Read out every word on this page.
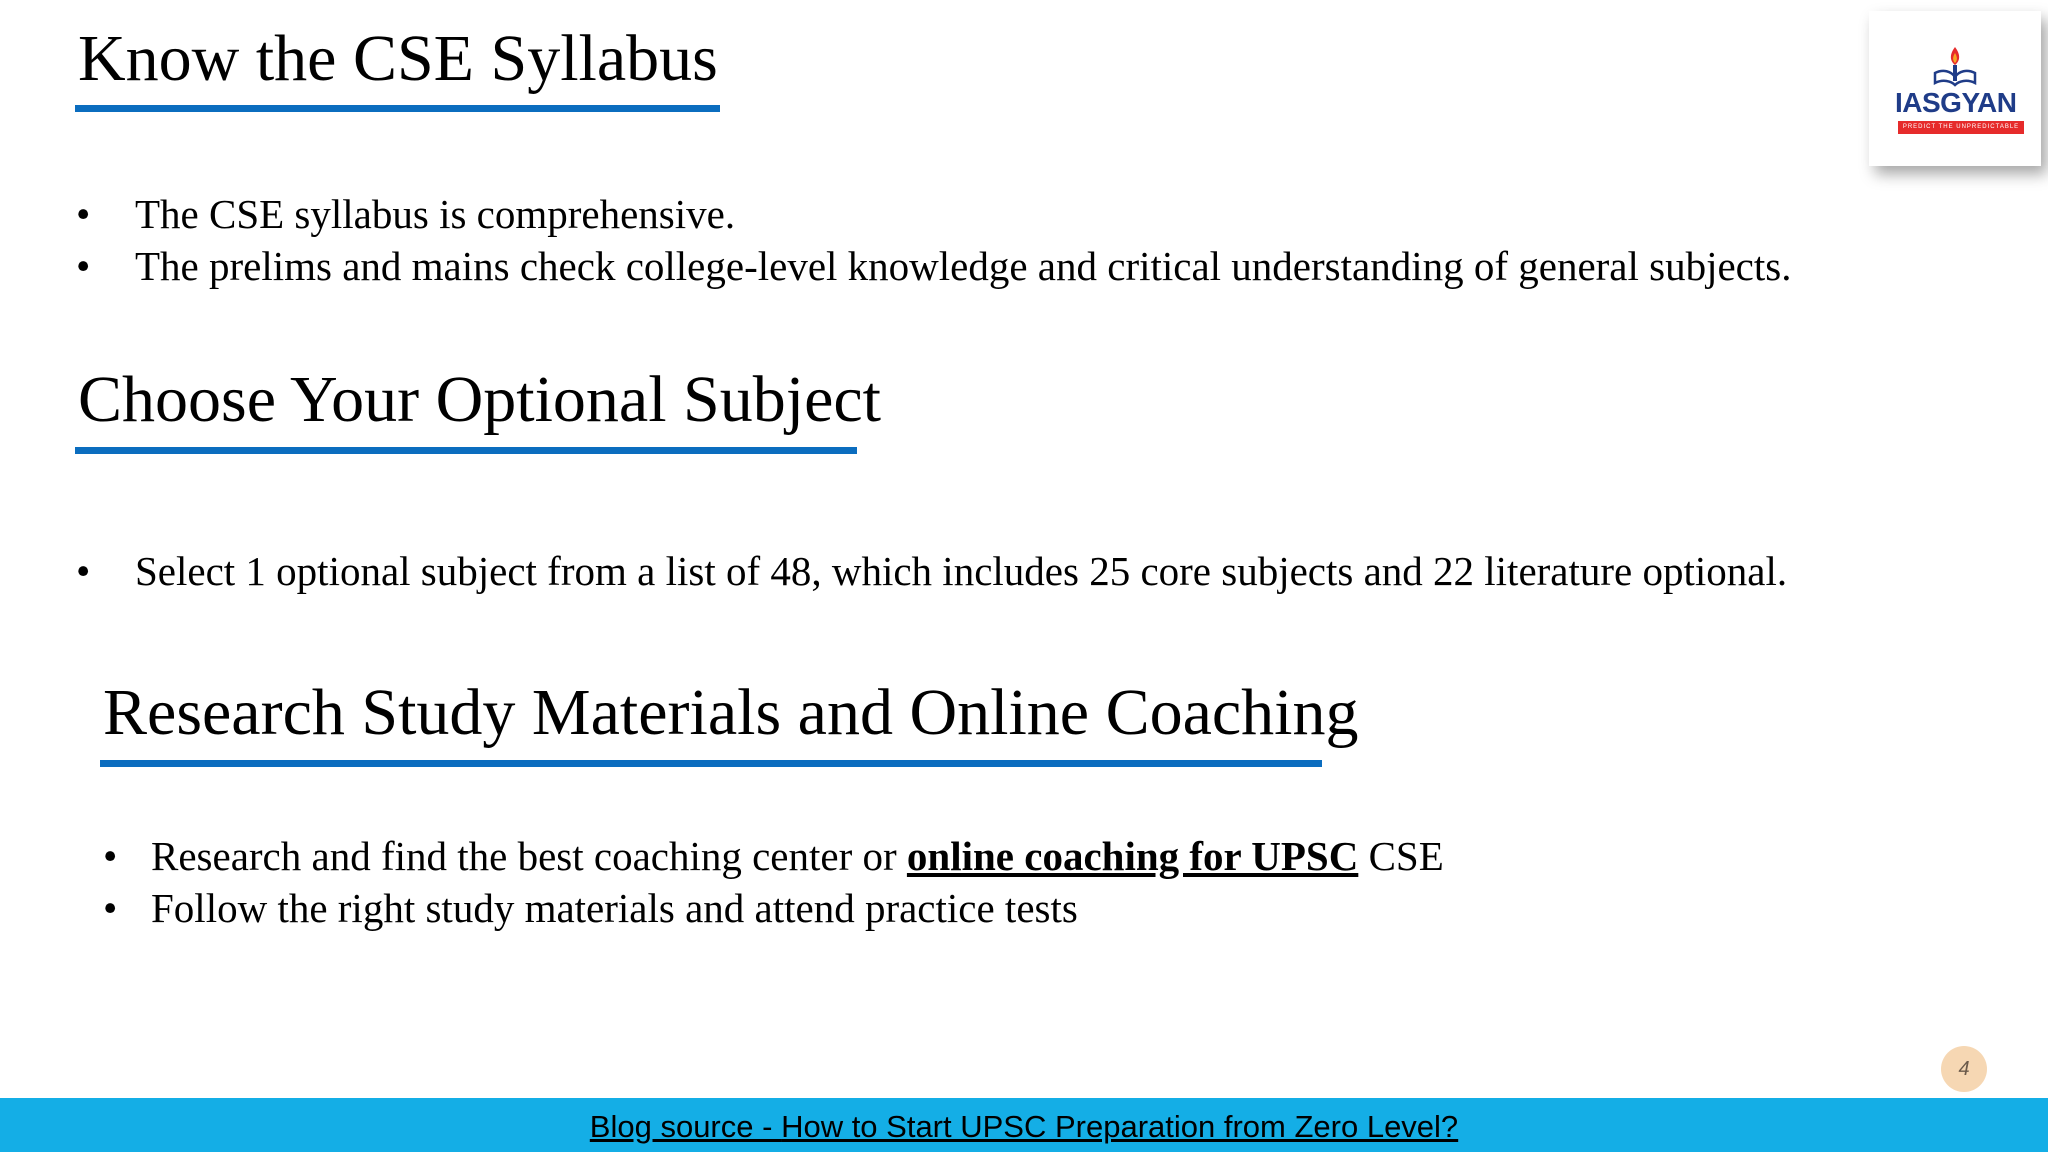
Know the CSE Syllabus
• The CSE syllabus is comprehensive.
• The prelims and mains check college-level knowledge and critical understanding of general subjects.
Choose Your Optional Subject
• Select 1 optional subject from a list of 48, which includes 25 core subjects and 22 literature optional.
Research Study Materials and Online Coaching
• Research and find the best coaching center or online coaching for UPSC CSE
• Follow the right study materials and attend practice tests
IASGYAN
PREDICT THE UNPREDICTABLE
4
Blog source - How to Start UPSC Preparation from Zero Level?
